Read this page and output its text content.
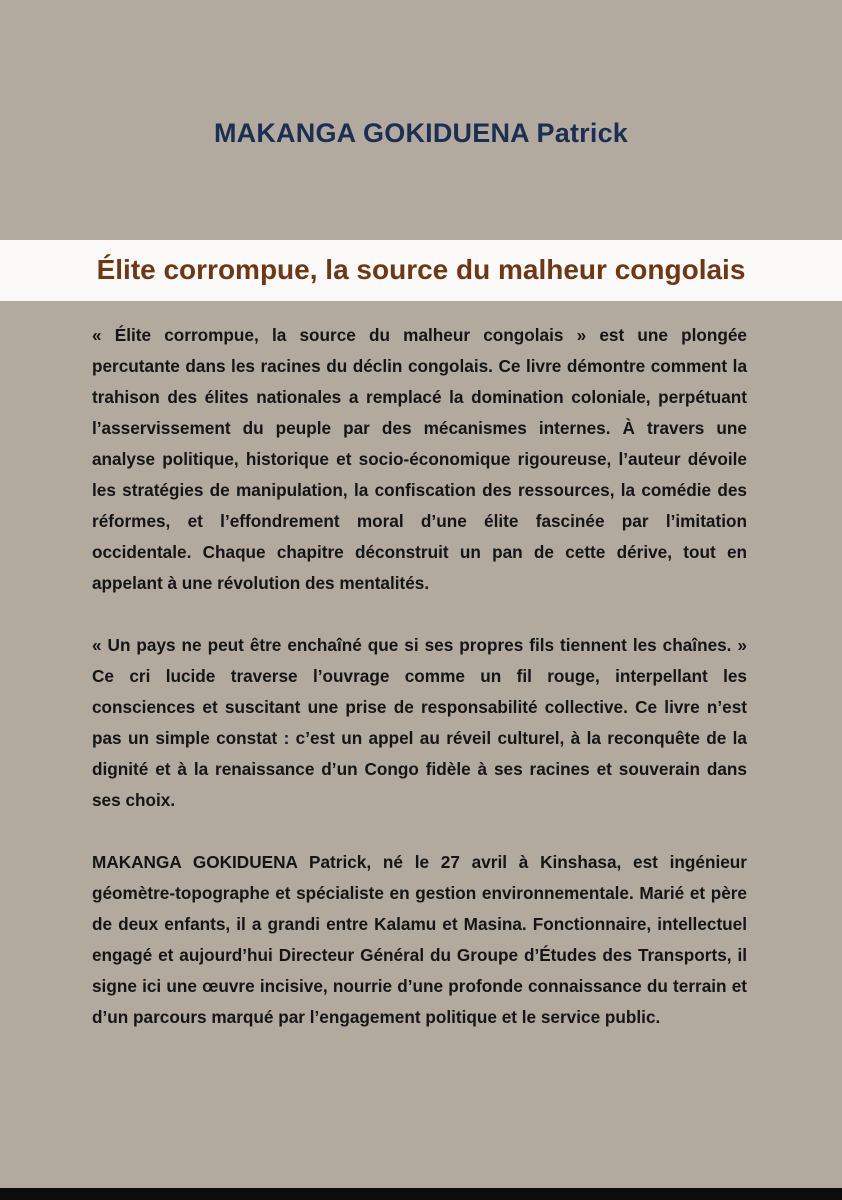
MAKANGA GOKIDUENA Patrick
Élite corrompue, la source du malheur congolais

« Élite corrompue, la source du malheur congolais » est une plongée percutante dans les racines du déclin congolais. Ce livre démontre comment la trahison des élites nationales a remplacé la domination coloniale, perpétuant l’asservissement du peuple par des mécanismes internes. À travers une analyse politique, historique et socio-économique rigoureuse, l’auteur dévoile les stratégies de manipulation, la confiscation des ressources, la comédie des réformes, et l’effondrement moral d’une élite fascinée par l’imitation occidentale. Chaque chapitre déconstruit un pan de cette dérive, tout en appelant à une révolution des mentalités.

« Un pays ne peut être enchaîné que si ses propres fils tiennent les chaînes. » Ce cri lucide traverse l’ouvrage comme un fil rouge, interpellant les consciences et suscitant une prise de responsabilité collective. Ce livre n’est pas un simple constat : c’est un appel au réveil culturel, à la reconquête de la dignité et à la renaissance d’un Congo fidèle à ses racines et souverain dans ses choix.

MAKANGA GOKIDUENA Patrick, né le 27 avril à Kinshasa, est ingénieur géomètre-topographe et spécialiste en gestion environnementale. Marié et père de deux enfants, il a grandi entre Kalamu et Masina. Fonctionnaire, intellectuel engagé et aujourd’hui Directeur Général du Groupe d’Études des Transports, il signe ici une œuvre incisive, nourrie d’une profonde connaissance du terrain et d’un parcours marqué par l’engagement politique et le service public.
